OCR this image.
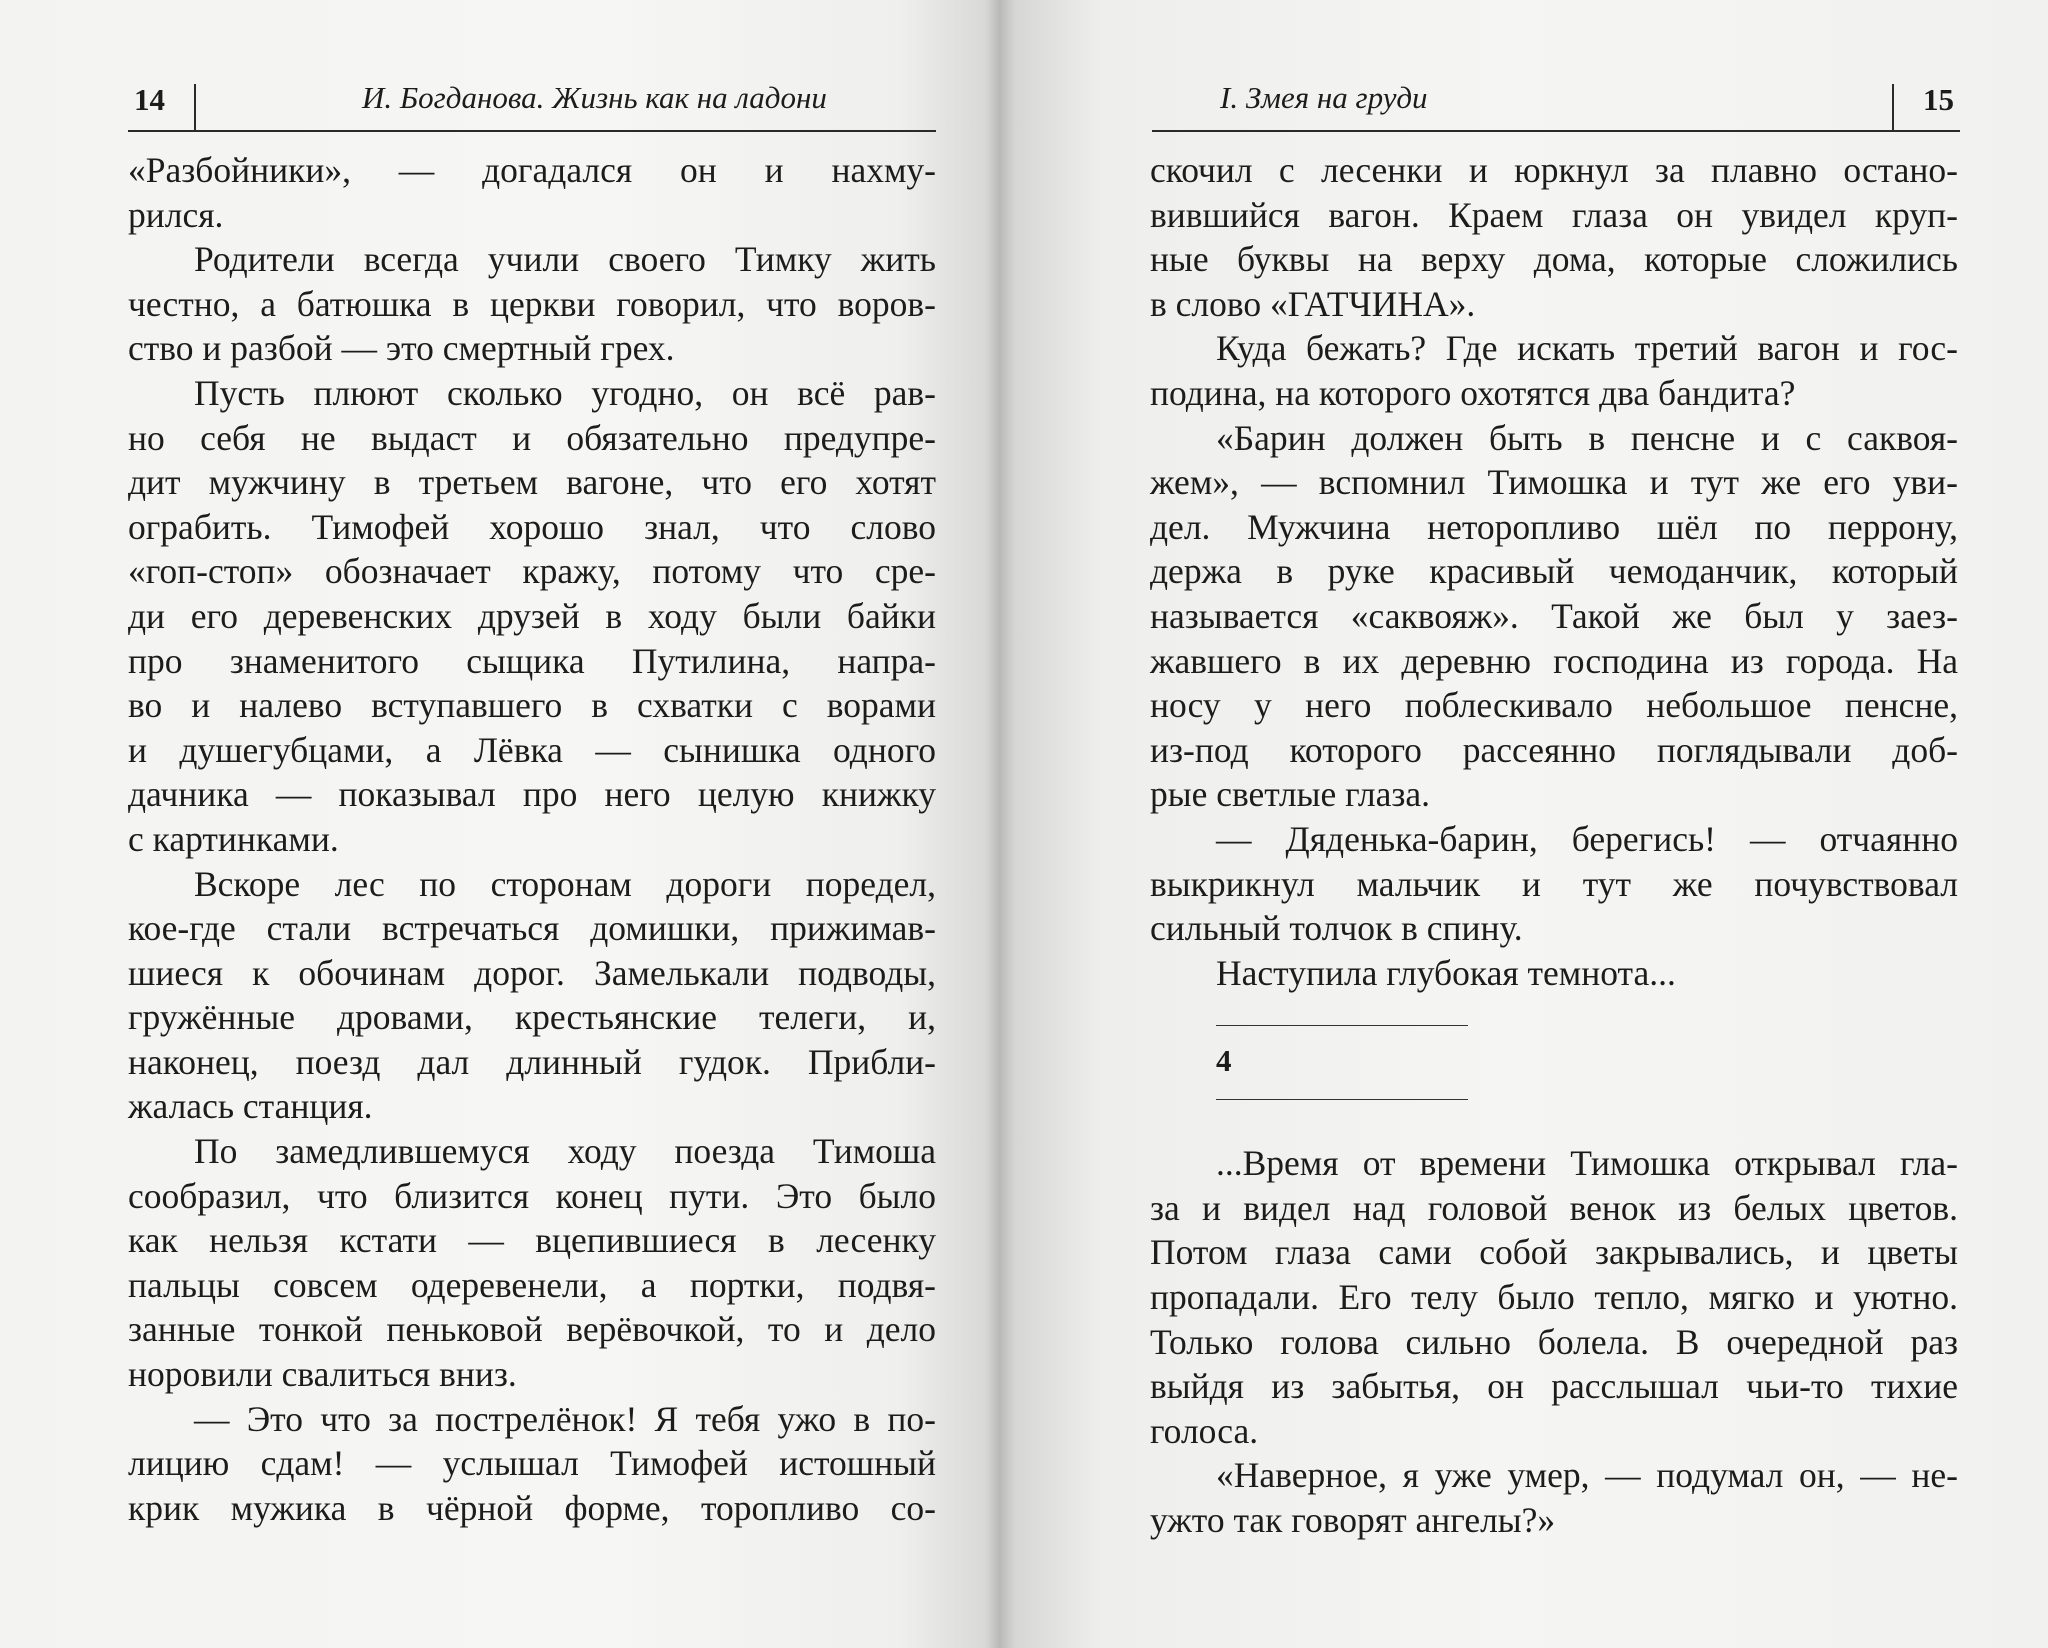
14	И. Богданова. Жизнь как на ладони
«Разбойники», — догадался он и нахму-
рился.
Родители всегда учили своего Тимку жить
честно, а батюшка в церкви говорил, что воров-
ство и разбой — это смертный грех.
Пусть плюют сколько угодно, он всё рав-
но себя не выдаст и обязательно предупре-
дит мужчину в третьем вагоне, что его хотят
ограбить. Тимофей хорошо знал, что слово
«гоп-стоп» обозначает кражу, потому что сре-
ди его деревенских друзей в ходу были байки
про знаменитого сыщика Путилина, напра-
во и налево вступавшего в схватки с ворами
и душегубцами, а Лёвка — сынишка одного
дачника — показывал про него целую книжку
с картинками.
Вскоре лес по сторонам дороги поредел,
кое-где стали встречаться домишки, прижимав-
шиеся к обочинам дорог. Замелькали подводы,
гружённые дровами, крестьянские телеги, и,
наконец, поезд дал длинный гудок. Прибли-
жалась станция.
По замедлившемуся ходу поезда Тимоша
сообразил, что близится конец пути. Это было
как нельзя кстати — вцепившиеся в лесенку
пальцы совсем одеревенели, а портки, подвя-
занные тонкой пеньковой верёвочкой, то и дело
норовили свалиться вниз.
— Это что за пострелёнок! Я тебя ужо в по-
лицию сдам! — услышал Тимофей истошный
крик мужика в чёрной форме, торопливо со-
I. Змея на груди	15
скочил с лесенки и юркнул за плавно остано-
вившийся вагон. Краем глаза он увидел круп-
ные буквы на верху дома, которые сложились
в слово «ГАТЧИНА».
Куда бежать? Где искать третий вагон и гос-
подина, на которого охотятся два бандита?
«Барин должен быть в пенсне и с саквоя-
жем», — вспомнил Тимошка и тут же его уви-
дел. Мужчина неторопливо шёл по перрону,
держа в руке красивый чемоданчик, который
называется «саквояж». Такой же был у заез-
жавшего в их деревню господина из города. На
носу у него поблескивало небольшое пенсне,
из-под которого рассеянно поглядывали доб-
рые светлые глаза.
— Дяденька-барин, берегись! — отчаянно
выкрикнул мальчик и тут же почувствовал
сильный толчок в спину.
Наступила глубокая темнота...
4
...Время от времени Тимошка открывал гла-
за и видел над головой венок из белых цветов.
Потом глаза сами собой закрывались, и цветы
пропадали. Его телу было тепло, мягко и уютно.
Только голова сильно болела. В очередной раз
выйдя из забытья, он расслышал чьи-то тихие
голоса.
«Наверное, я уже умер, — подумал он, — не-
ужто так говорят ангелы?»
